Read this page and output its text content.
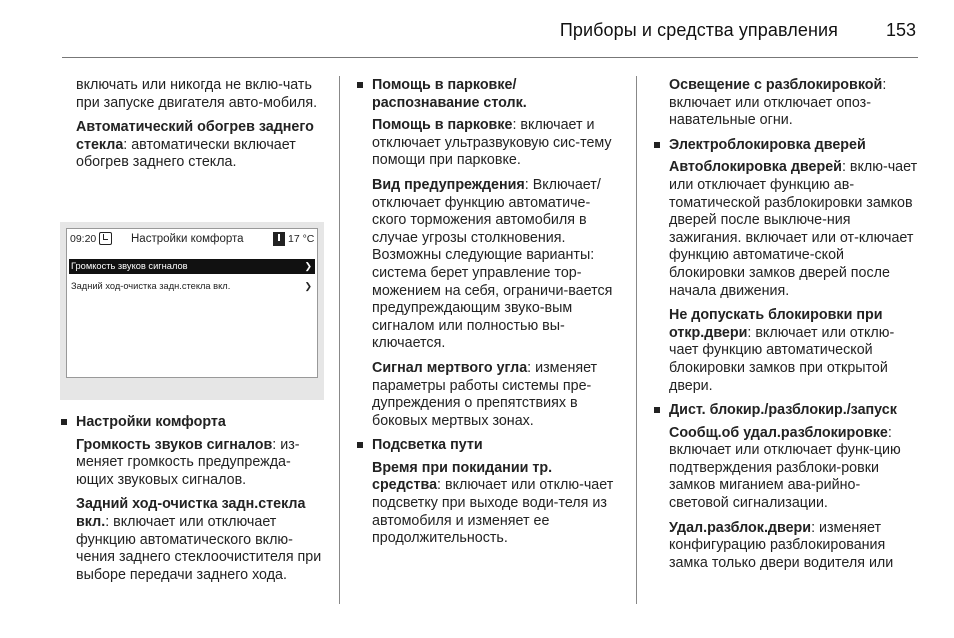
Приборы и средства управления	153

включать или никогда не вклю-чать при запуске двигателя авто-мобиля.

Автоматический обогрев заднего стекла: автоматически включает обогрев заднего стекла.

09:20	Настройки комфорта	17 °C
Громкость звуков сигналов	❯
Задний ход-очистка задн.стекла вкл.	❯
Настройки комфорта

Громкость звуков сигналов: из-меняет громкость предупрежда-ющих звуковых сигналов.

Задний ход-очистка задн.стекла вкл.: включает или отключает функцию автоматического вклю-чения заднего стеклоочистителя при выборе передачи заднего хода.

Помощь в парковке/ распознавание столк.

Помощь в парковке: включает и отключает ультразвуковую сис-тему помощи при парковке.

Вид предупреждения: Включает/ отключает функцию автоматиче-ского торможения автомобиля в случае угрозы столкновения. Возможны следующие варианты: система берет управление тор-можением на себя, ограничи-вается предупреждающим звуко-вым сигналом или полностью вы-ключается.

Сигнал мертвого угла: изменяет параметры работы системы пре-дупреждения о препятствиях в боковых мертвых зонах.

Подсветка пути

Время при покидании тр. средства: включает или отклю-чает подсветку при выходе води-теля из автомобиля и изменяет ее продолжительность.

Освещение с разблокировкой: включает или отключает опоз-навательные огни.

Электроблокировка дверей

Автоблокировка дверей: вклю-чает или отключает функцию ав-томатической разблокировки замков дверей после выключе-ния зажигания. включает или от-ключает функцию автоматиче-ской блокировки замков дверей после начала движения.

Не допускать блокировки при откр.двери: включает или отклю-чает функцию автоматической блокировки замков при открытой двери.

Дист. блокир./разблокир./запуск

Сообщ.об удал.разблокировке: включает или отключает функ-цию подтверждения разблоки-ровки замков миганием ава-рийно-световой сигнализации.

Удал.разблок.двери: изменяет конфигурацию разблокирования замка только двери водителя или
